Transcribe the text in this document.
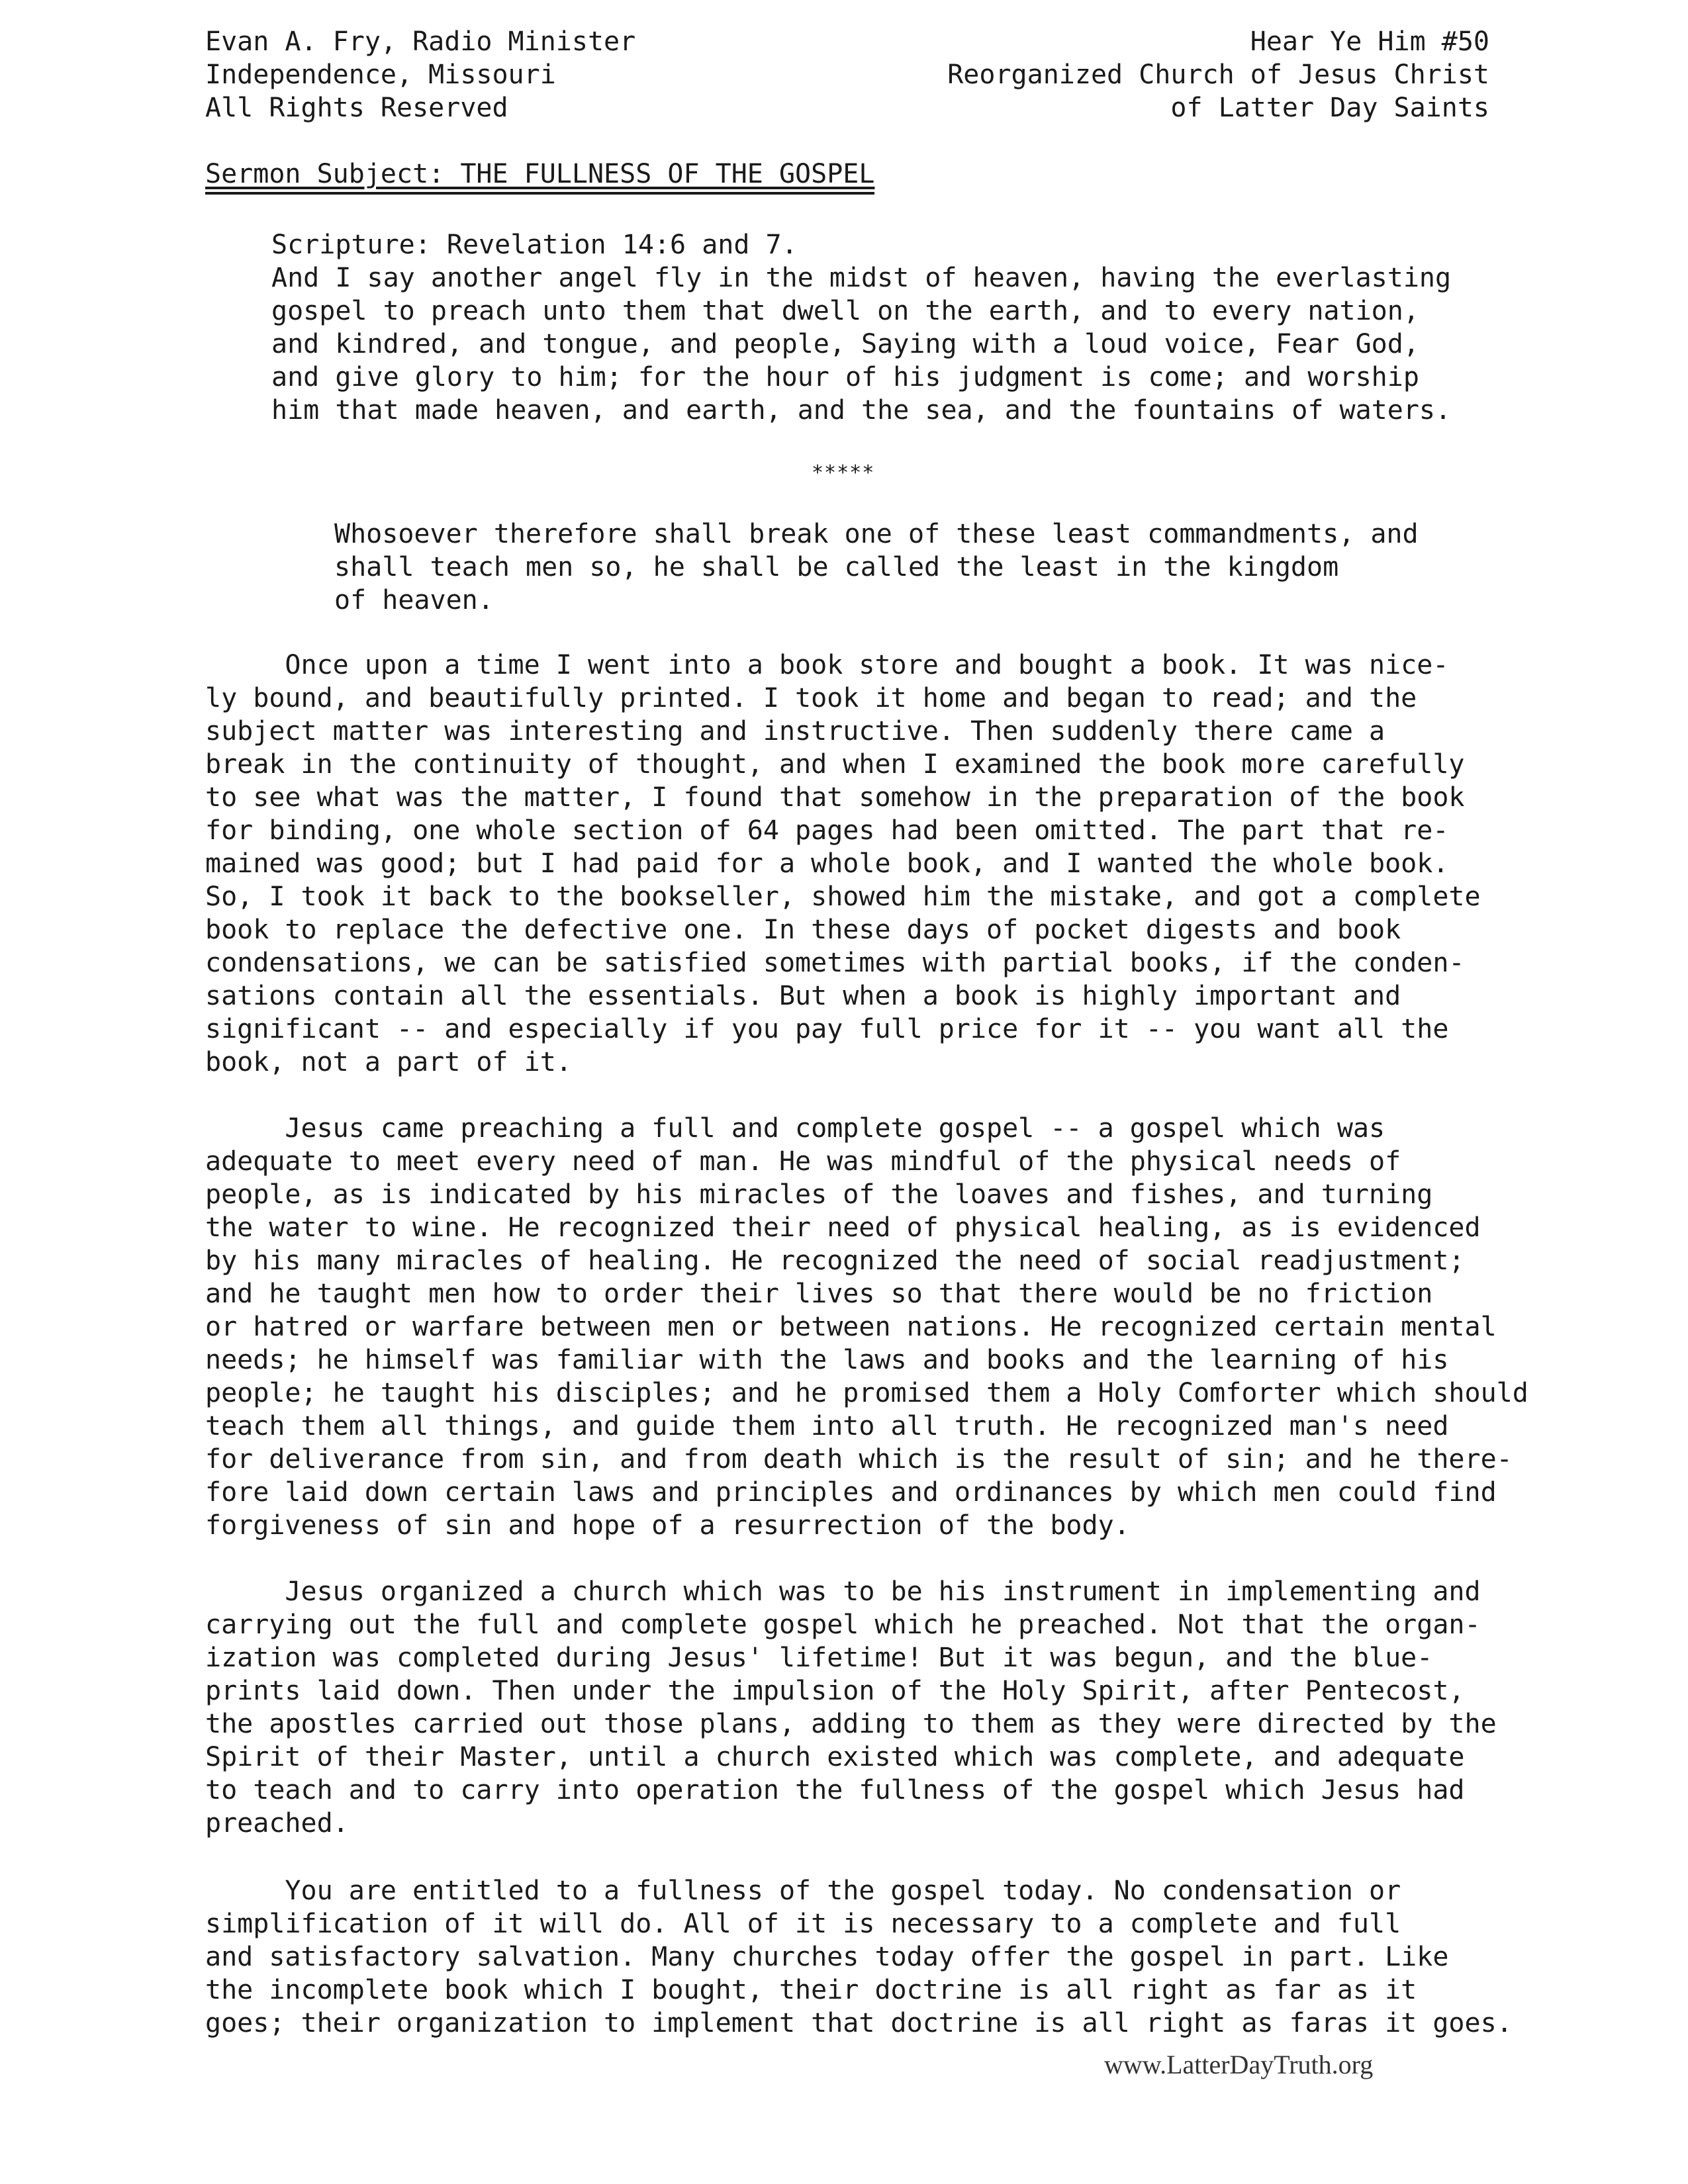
Evan A. Fry, Radio Minister
Independence, Missouri
All Rights Reserved
Hear Ye Him #50
Reorganized Church of Jesus Christ
of Latter Day Saints
Sermon Subject: THE FULLNESS OF THE GOSPEL
Scripture: Revelation 14:6 and 7.
And I say another angel fly in the midst of heaven, having the everlasting
gospel to preach unto them that dwell on the earth, and to every nation,
and kindred, and tongue, and people, Saying with a loud voice, Fear God,
and give glory to him; for the hour of his judgment is come; and worship
him that made heaven, and earth, and the sea, and the fountains of waters.
*****
Whosoever therefore shall break one of these least commandments, and
shall teach men so, he shall be called the least in the kingdom
of heaven.
Once upon a time I went into a book store and bought a book. It was nice-
ly bound, and beautifully printed. I took it home and began to read; and the
subject matter was interesting and instructive. Then suddenly there came a
break in the continuity of thought, and when I examined the book more carefully
to see what was the matter, I found that somehow in the preparation of the book
for binding, one whole section of 64 pages had been omitted. The part that re-
mained was good; but I had paid for a whole book, and I wanted the whole book.
So, I took it back to the bookseller, showed him the mistake, and got a complete
book to replace the defective one. In these days of pocket digests and book
condensations, we can be satisfied sometimes with partial books, if the conden-
sations contain all the essentials. But when a book is highly important and
significant -- and especially if you pay full price for it -- you want all the
book, not a part of it.
Jesus came preaching a full and complete gospel -- a gospel which was
adequate to meet every need of man. He was mindful of the physical needs of
people, as is indicated by his miracles of the loaves and fishes, and turning
the water to wine. He recognized their need of physical healing, as is evidenced
by his many miracles of healing. He recognized the need of social readjustment;
and he taught men how to order their lives so that there would be no friction
or hatred or warfare between men or between nations. He recognized certain mental
needs; he himself was familiar with the laws and books and the learning of his
people; he taught his disciples; and he promised them a Holy Comforter which should
teach them all things, and guide them into all truth. He recognized man's need
for deliverance from sin, and from death which is the result of sin; and he there-
fore laid down certain laws and principles and ordinances by which men could find
forgiveness of sin and hope of a resurrection of the body.
Jesus organized a church which was to be his instrument in implementing and
carrying out the full and complete gospel which he preached. Not that the organ-
ization was completed during Jesus' lifetime! But it was begun, and the blue-
prints laid down. Then under the impulsion of the Holy Spirit, after Pentecost,
the apostles carried out those plans, adding to them as they were directed by the
Spirit of their Master, until a church existed which was complete, and adequate
to teach and to carry into operation the fullness of the gospel which Jesus had
preached.
You are entitled to a fullness of the gospel today. No condensation or
simplification of it will do. All of it is necessary to a complete and full
and satisfactory salvation. Many churches today offer the gospel in part. Like
the incomplete book which I bought, their doctrine is all right as far as it
goes; their organization to implement that doctrine is all right as faras it goes.
www.LatterDayTruth.org
